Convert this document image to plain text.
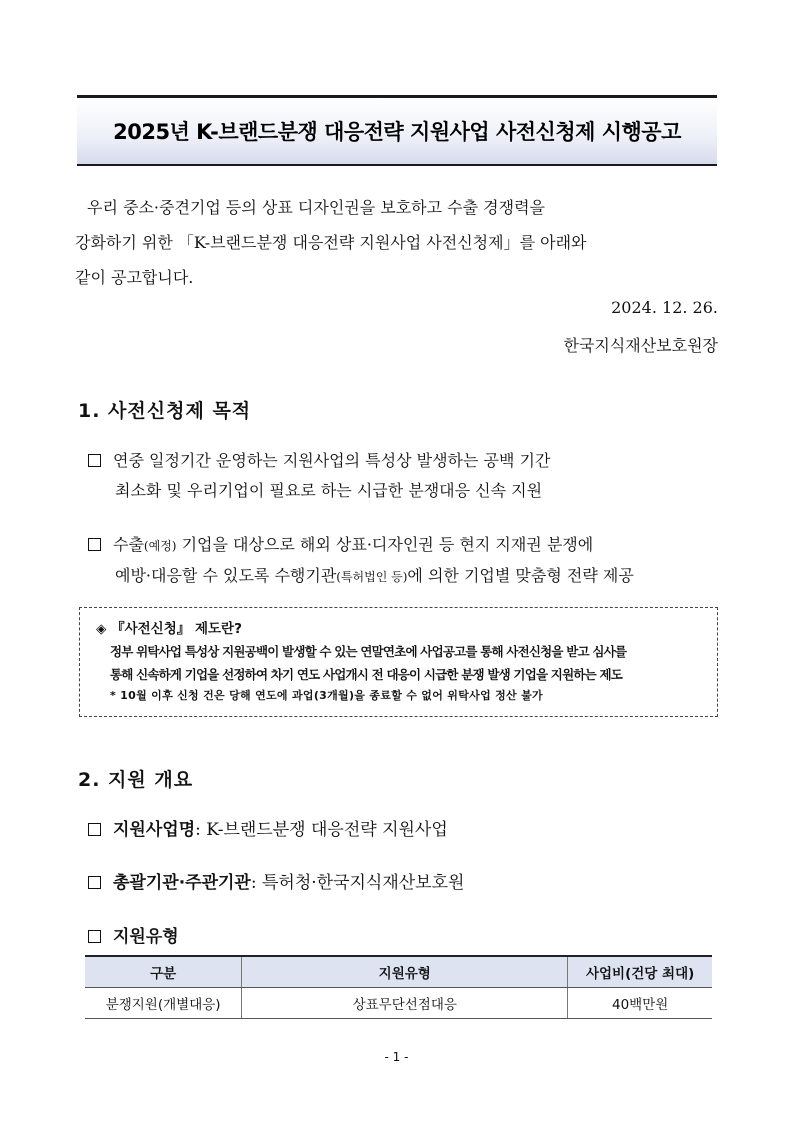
2025년 K-브랜드분쟁 대응전략 지원사업 사전신청제 시행공고

우리 중소·중견기업 등의 상표 디자인권을 보호하고 수출 경쟁력을

강화하기 위한 「K-브랜드분쟁 대응전략 지원사업 사전신청제」를 아래와

같이 공고합니다.

2024. 12. 26.
한국지식재산보호원장
1. 사전신청제 목적
연중 일정기간 운영하는 지원사업의 특성상 발생하는 공백 기간
최소화 및 우리기업이 필요로 하는 시급한 분쟁대응 신속 지원
수출(예정) 기업을 대상으로 해외 상표·디자인권 등 현지 지재권 분쟁에
예방·대응할 수 있도록 수행기관(특허법인 등)에 의한 기업별 맞춤형 전략 제공
◈ 『사전신청』 제도란?
정부 위탁사업 특성상 지원공백이 발생할 수 있는 연말연초에 사업공고를 통해 사전신청을 받고 심사를
통해 신속하게 기업을 선정하여 차기 연도 사업개시 전 대응이 시급한 분쟁 발생 기업을 지원하는 제도
* 10월 이후 신청 건은 당해 연도에 과업(3개월)을 종료할 수 없어 위탁사업 정산 불가
2. 지원 개요
지원사업명: K-브랜드분쟁 대응전략 지원사업
총괄기관·주관기관: 특허청·한국지식재산보호원
지원유형
구분	지원유형	사업비(건당 최대)
분쟁지원(개별대응)	상표무단선점대응	40백만원
- 1 -
